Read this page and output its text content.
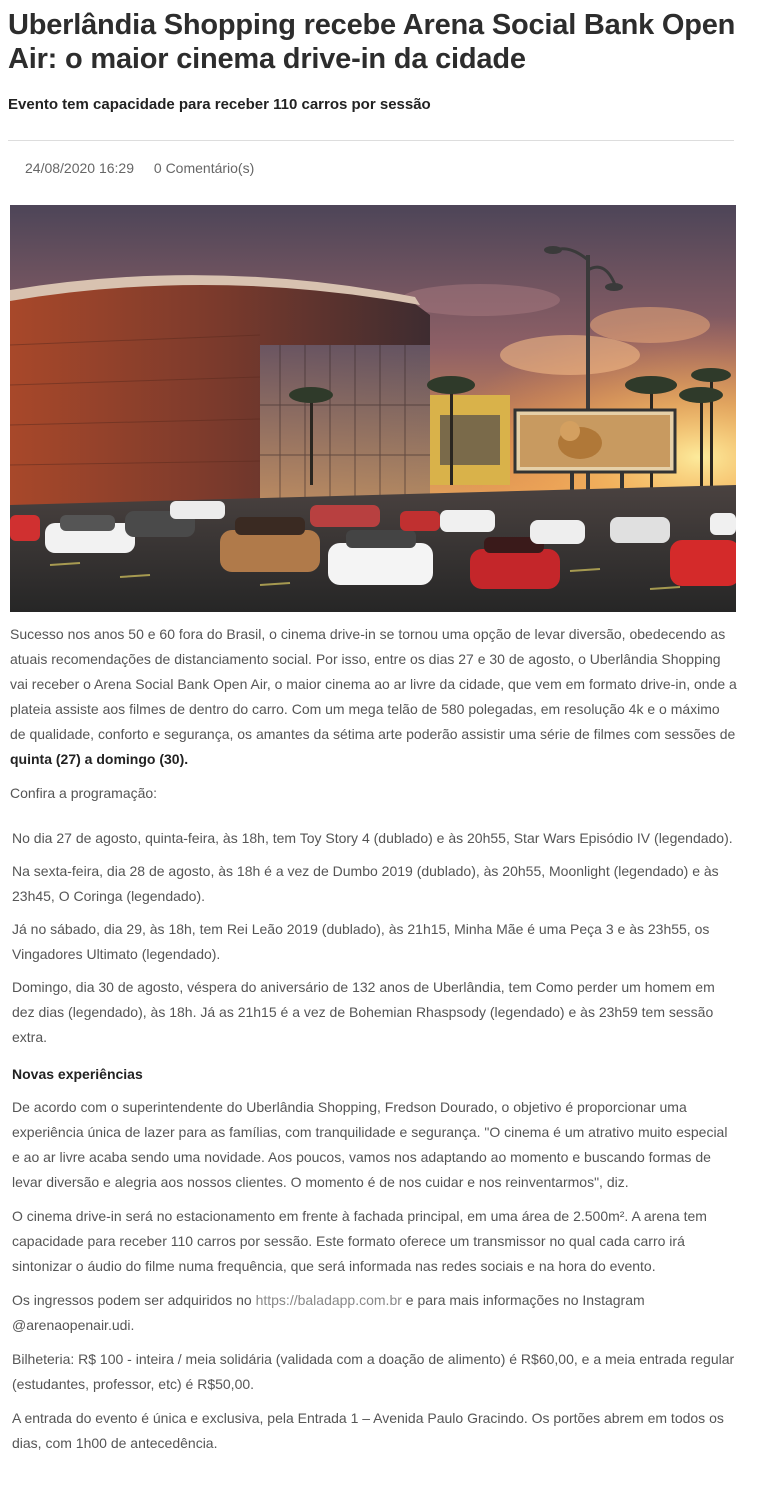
Uberlândia Shopping recebe Arena Social Bank Open Air: o maior cinema drive-in da cidade
Evento tem capacidade para receber 110 carros por sessão
24/08/2020 16:29 0 Comentário(s)

Sucesso nos anos 50 e 60 fora do Brasil, o cinema drive-in se tornou uma opção de levar diversão, obedecendo as atuais recomendações de distanciamento social. Por isso, entre os dias 27 e 30 de agosto, o Uberlândia Shopping vai receber o Arena Social Bank Open Air, o maior cinema ao ar livre da cidade, que vem em formato drive-in, onde a plateia assiste aos filmes de dentro do carro. Com um mega telão de 580 polegadas, em resolução 4k e o máximo de qualidade, conforto e segurança, os amantes da sétima arte poderão assistir uma série de filmes com sessões de quinta (27) a domingo (30).

Confira a programação:

No dia 27 de agosto, quinta-feira, às 18h, tem Toy Story 4 (dublado) e às 20h55, Star Wars Episódio IV (legendado).

Na sexta-feira, dia 28 de agosto, às 18h é a vez de Dumbo 2019 (dublado), às 20h55, Moonlight (legendado) e às 23h45, O Coringa (legendado).

Já no sábado, dia 29, às 18h, tem Rei Leão 2019 (dublado), às 21h15, Minha Mãe é uma Peça 3 e às 23h55, os Vingadores Ultimato (legendado).

Domingo, dia 30 de agosto, véspera do aniversário de 132 anos de Uberlândia, tem Como perder um homem em dez dias (legendado), às 18h. Já as 21h15 é a vez de Bohemian Rhaspsody (legendado) e às 23h59 tem sessão extra.

Novas experiências

De acordo com o superintendente do Uberlândia Shopping, Fredson Dourado, o objetivo é proporcionar uma experiência única de lazer para as famílias, com tranquilidade e segurança. "O cinema é um atrativo muito especial e ao ar livre acaba sendo uma novidade. Aos poucos, vamos nos adaptando ao momento e buscando formas de levar diversão e alegria aos nossos clientes. O momento é de nos cuidar e nos reinventarmos", diz.

O cinema drive-in será no estacionamento em frente à fachada principal, em uma área de 2.500m². A arena tem capacidade para receber 110 carros por sessão. Este formato oferece um transmissor no qual cada carro irá sintonizar o áudio do filme numa frequência, que será informada nas redes sociais e na hora do evento.

Os ingressos podem ser adquiridos no https://baladapp.com.br e para mais informações no Instagram @arenaopenair.udi.

Bilheteria: R$ 100 - inteira / meia solidária (validada com a doação de alimento) é R$60,00, e a meia entrada regular (estudantes, professor, etc) é R$50,00.

A entrada do evento é única e exclusiva, pela Entrada 1 – Avenida Paulo Gracindo. Os portões abrem em todos os dias, com 1h00 de antecedência.
